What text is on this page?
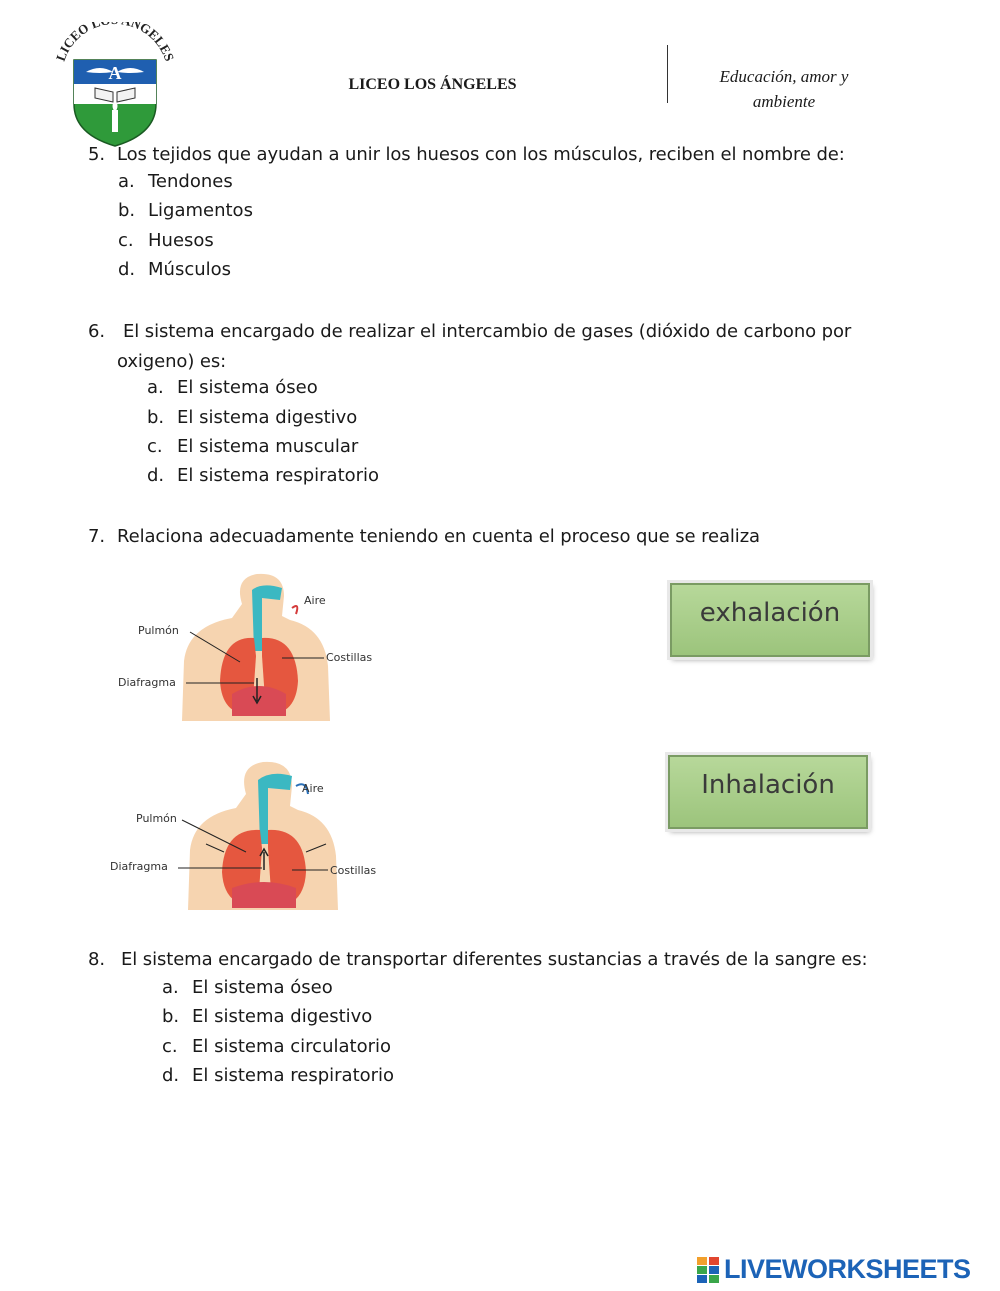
LICEO L NGELES
A
LICEO LOS ÁNGELES	Educación, amor y
ambiente
5. Los tejidos que ayudan a unir los huesos con los músculos, reciben el nombre de:
a. Tendones
b. Ligamentos
c. Huesos
d. Músculos
6.	El sistema encargado de realizar el intercambio de gases (dióxido de carbono por
oxigeno) es:
a. El sistema óseo
b. El sistema digestivo
c. El sistema muscular
d. El sistema respiratorio
7. Relaciona adecuadamente teniendo en cuenta el proceso que se realiza
Aire
Pulmón
Costillas
Diafragma
Aire
Pulmón
Costillas
Diafragma
exhalación
Inhalación
8. El sistema encargado de transportar diferentes sustancias a través de la sangre es:
a. El sistema óseo
b. El sistema digestivo
c. El sistema circulatorio
d. El sistema respiratorio
LIVEWORKSHEETS
